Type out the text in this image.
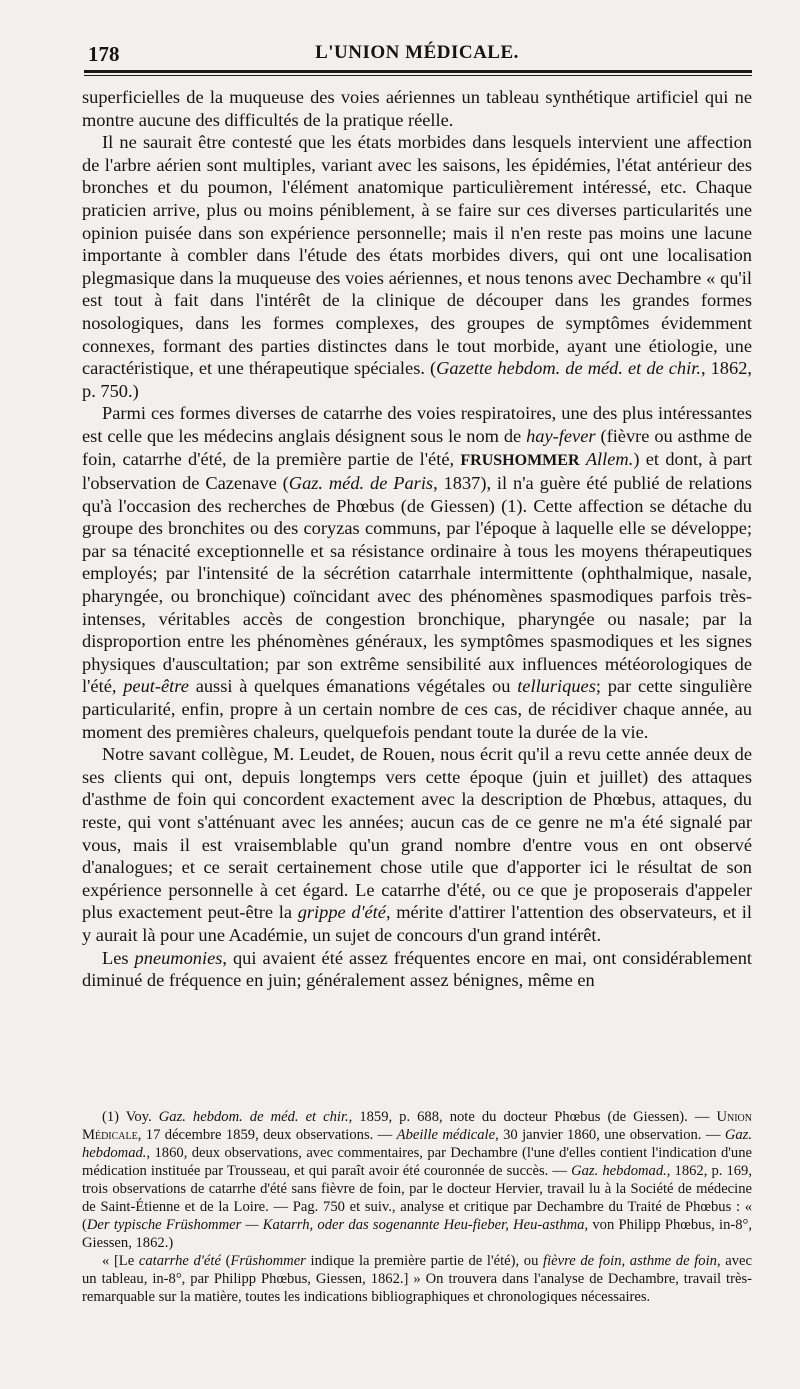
178	L'UNION MÉDICALE.

superficielles de la muqueuse des voies aériennes un tableau synthétique artificiel qui ne montre aucune des difficultés de la pratique réelle.

Il ne saurait être contesté que les états morbides dans lesquels intervient une affection de l'arbre aérien sont multiples, variant avec les saisons, les épidémies, l'état antérieur des bronches et du poumon, l'élément anatomique particulièrement intéressé, etc. Chaque praticien arrive, plus ou moins péniblement, à se faire sur ces diverses particularités une opinion puisée dans son expérience personnelle; mais il n'en reste pas moins une lacune importante à combler dans l'étude des états morbides divers, qui ont une localisation plegmasique dans la muqueuse des voies aériennes, et nous tenons avec Dechambre « qu'il est tout à fait dans l'intérêt de la clinique de découper dans les grandes formes nosologiques, dans les formes complexes, des groupes de symptômes évidemment connexes, formant des parties distinctes dans le tout morbide, ayant une étiologie, une caractéristique, et une thérapeutique spéciales. (Gazette hebdom. de méd. et de chir., 1862, p. 750.)

Parmi ces formes diverses de catarrhe des voies respiratoires, une des plus intéressantes est celle que les médecins anglais désignent sous le nom de hay-fever (fièvre ou asthme de foin, catarrhe d'été, de la première partie de l'été, FRUSHOMMER Allem.) et dont, à part l'observation de Cazenave (Gaz. méd. de Paris, 1837), il n'a guère été publié de relations qu'à l'occasion des recherches de Phœbus (de Giessen) (1). Cette affection se détache du groupe des bronchites ou des coryzas communs, par l'époque à laquelle elle se développe; par sa ténacité exceptionnelle et sa résistance ordinaire à tous les moyens thérapeutiques employés; par l'intensité de la sécrétion catarrhale intermittente (ophthalmique, nasale, pharyngée, ou bronchique) coïncidant avec des phénomènes spasmodiques parfois très-intenses, véritables accès de congestion bronchique, pharyngée ou nasale; par la disproportion entre les phénomènes généraux, les symptômes spasmodiques et les signes physiques d'auscultation; par son extrême sensibilité aux influences météorologiques de l'été, peut-être aussi à quelques émanations végétales ou telluriques; par cette singulière particularité, enfin, propre à un certain nombre de ces cas, de récidiver chaque année, au moment des premières chaleurs, quelquefois pendant toute la durée de la vie.

Notre savant collègue, M. Leudet, de Rouen, nous écrit qu'il a revu cette année deux de ses clients qui ont, depuis longtemps vers cette époque (juin et juillet) des attaques d'asthme de foin qui concordent exactement avec la description de Phœbus, attaques, du reste, qui vont s'atténuant avec les années; aucun cas de ce genre ne m'a été signalé par vous, mais il est vraisemblable qu'un grand nombre d'entre vous en ont observé d'analogues; et ce serait certainement chose utile que d'apporter ici le résultat de son expérience personnelle à cet égard. Le catarrhe d'été, ou ce que je proposerais d'appeler plus exactement peut-être la grippe d'été, mérite d'attirer l'attention des observateurs, et il y aurait là pour une Académie, un sujet de concours d'un grand intérêt.

Les pneumonies, qui avaient été assez fréquentes encore en mai, ont considérablement diminué de fréquence en juin; généralement assez bénignes, même en

(1) Voy. Gaz. hebdom. de méd. et chir., 1859, p. 688, note du docteur Phœbus (de Giessen). — Union Médicale, 17 décembre 1859, deux observations. — Abeille médicale, 30 janvier 1860, une observation. — Gaz. hebdomad., 1860, deux observations, avec commentaires, par Dechambre (l'une d'elles contient l'indication d'une médication instituée par Trousseau, et qui paraît avoir été couronnée de succès. — Gaz. hebdomad., 1862, p. 169, trois observations de catarrhe d'été sans fièvre de foin, par le docteur Hervier, travail lu à la Société de médecine de Saint-Étienne et de la Loire. — Pag. 750 et suiv., analyse et critique par Dechambre du Traité de Phœbus : « (Der typische Früshommer — Katarrh, oder das sogenannte Heu-fieber, Heu-asthma, von Philipp Phœbus, in-8°, Giessen, 1862.)

« [Le catarrhe d'été (Früshommer indique la première partie de l'été), ou fièvre de foin, asthme de foin, avec un tableau, in-8°, par Philipp Phœbus, Giessen, 1862.] » On trouvera dans l'analyse de Dechambre, travail très-remarquable sur la matière, toutes les indications bibliographiques et chronologiques nécessaires.
